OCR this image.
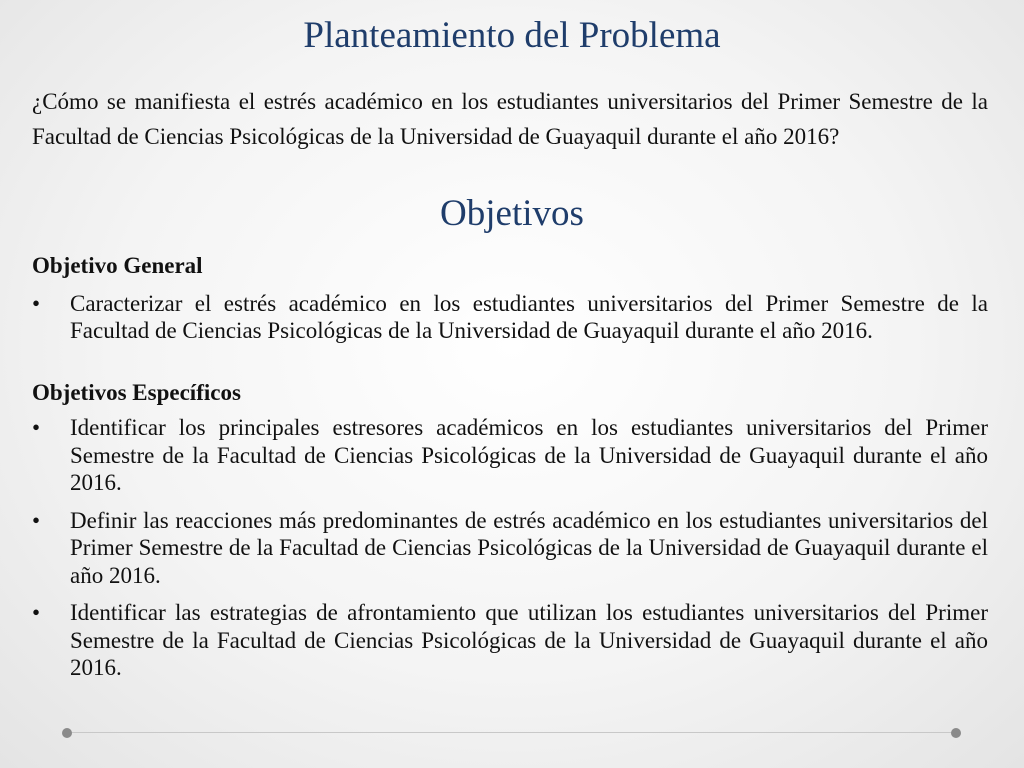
Planteamiento del Problema

¿Cómo se manifiesta el estrés académico en los estudiantes universitarios del Primer Semestre de la Facultad de Ciencias Psicológicas de la Universidad de Guayaquil durante el año 2016?

Objetivos

Objetivo General

•	Caracterizar el estrés académico en los estudiantes universitarios del Primer Semestre de la Facultad de Ciencias Psicológicas de la Universidad de Guayaquil durante el año 2016.

Objetivos Específicos

•	Identificar los principales estresores académicos en los estudiantes universitarios del Primer Semestre de la Facultad de Ciencias Psicológicas de la Universidad de Guayaquil durante el año 2016.
•	Definir las reacciones más predominantes de estrés académico en los estudiantes universitarios del Primer Semestre de la Facultad de Ciencias Psicológicas de la Universidad de Guayaquil durante el año 2016.
•	Identificar las estrategias de afrontamiento que utilizan los estudiantes universitarios del Primer Semestre de la Facultad de Ciencias Psicológicas de la Universidad de Guayaquil durante el año 2016.
